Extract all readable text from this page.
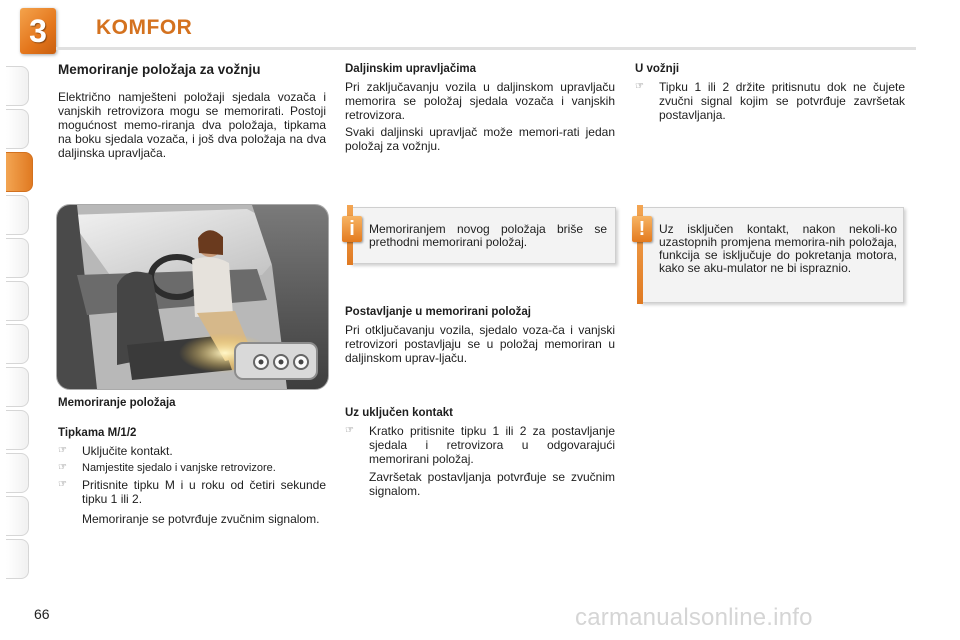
3	KOMFOR
Memoriranje položaja za vožnju
Električno namješteni položaji sjedala vozača i vanjskih retrovizora mogu se memorirati. Postoji mogućnost memo-riranja dva položaja, tipkama na boku sjedala vozača, i još dva položaja na dva daljinska upravljača.
Memoriranje položaja
Tipkama M/1/2
☞	Uključite kontakt.
☞	Namjestite sjedalo i vanjske retrovizore.
☞	Pritisnite tipku M i u roku od četiri sekunde tipku 1 ili 2.
Memoriranje se potvrđuje zvučnim signalom.
Daljinskim upravljačima
Pri zaključavanju vozila u daljinskom upravljaču memorira se položaj sjedala vozača i vanjskih retrovizora.
Svaki daljinski upravljač može memori-rati jedan položaj za vožnju.
Memoriranjem novog položaja briše se prethodni memorirani položaj.
i
Postavljanje u memorirani položaj
Pri otključavanju vozila, sjedalo voza-ča i vanjski retrovizori postavljaju se u položaj memoriran u daljinskom uprav-ljaču.
Uz uključen kontakt
☞	Kratko pritisnite tipku 1 ili 2 za postavljanje sjedala i retrovizora u odgovarajući memorirani položaj.
Završetak postavljanja potvrđuje se zvučnim signalom.
U vožnji
☞	Tipku 1 ili 2 držite pritisnutu dok ne čujete zvučni signal kojim se potvrđuje završetak postavljanja.
Uz isključen kontakt, nakon nekoli-ko uzastopnih promjena memorira-nih položaja, funkcija se isključuje do pokretanja motora, kako se aku-mulator ne bi ispraznio.
!
66	carmanualsonline.info
